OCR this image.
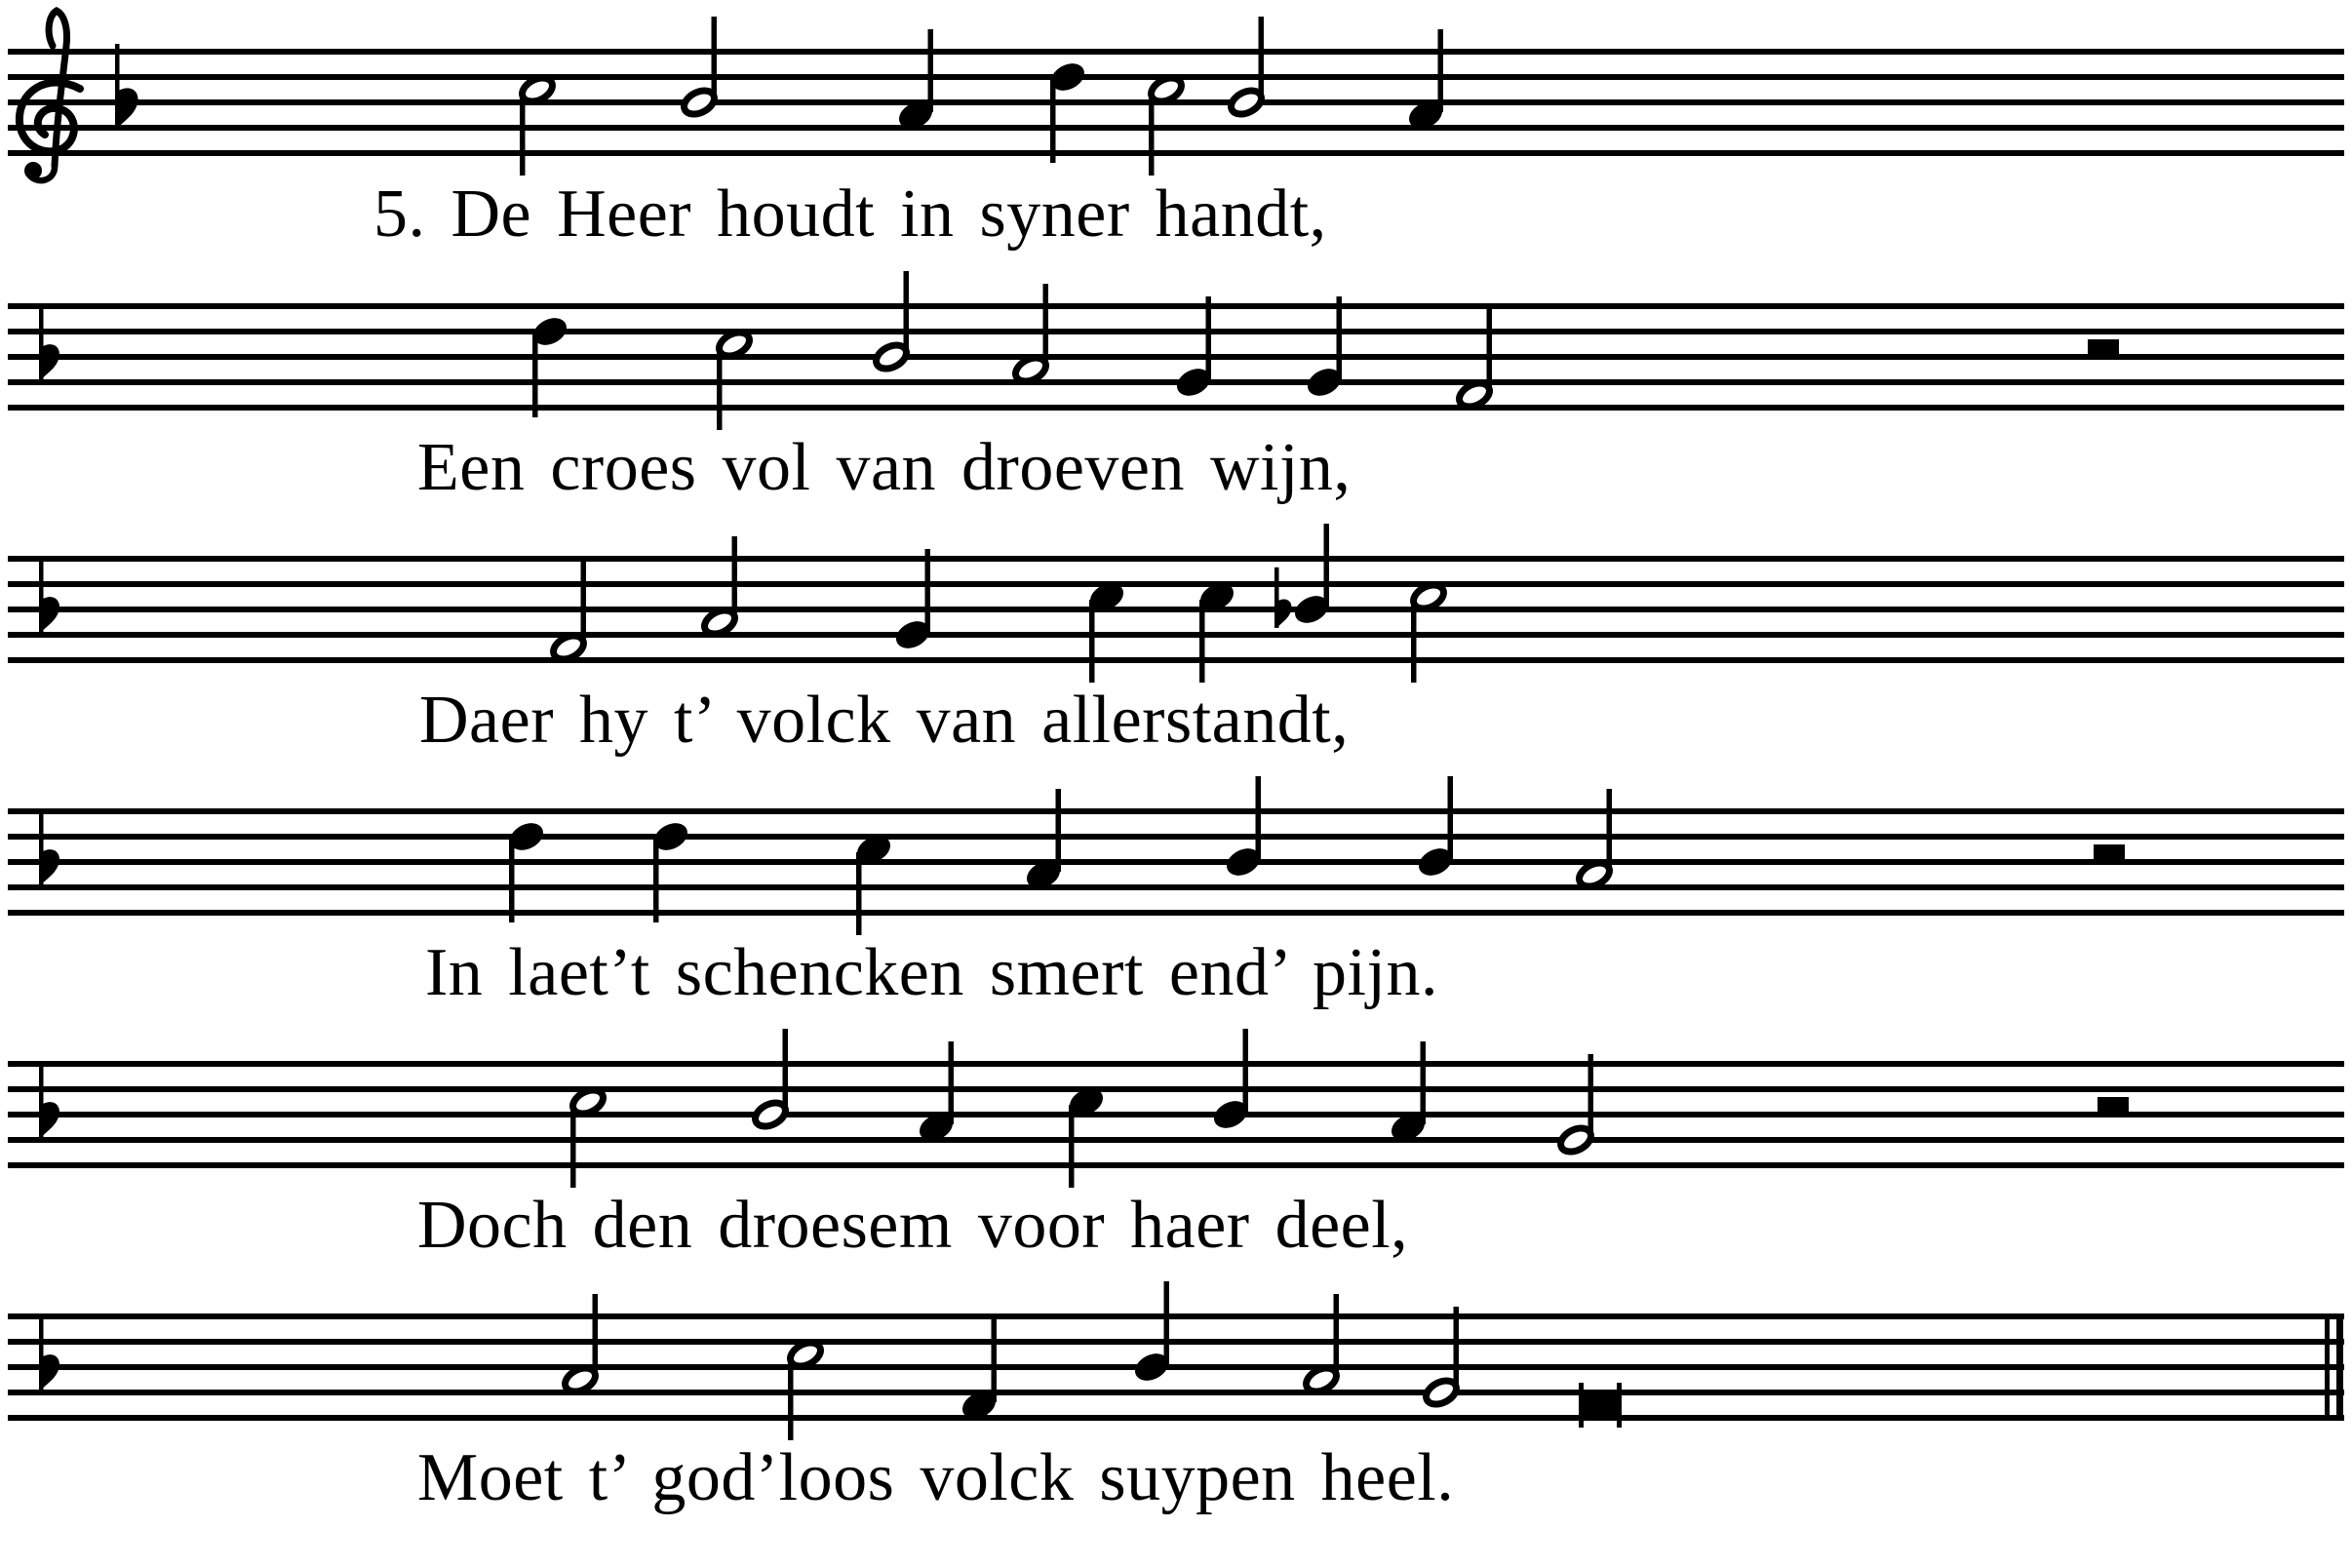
5. De Heer houdt in syner handt,
Een croes vol van droeven wijn,
Daer hy t’ volck van allerstandt,
In laet’t schencken smert end’ pijn.
Doch den droesem voor haer deel,
Moet t’ god’loos volck suypen heel.
